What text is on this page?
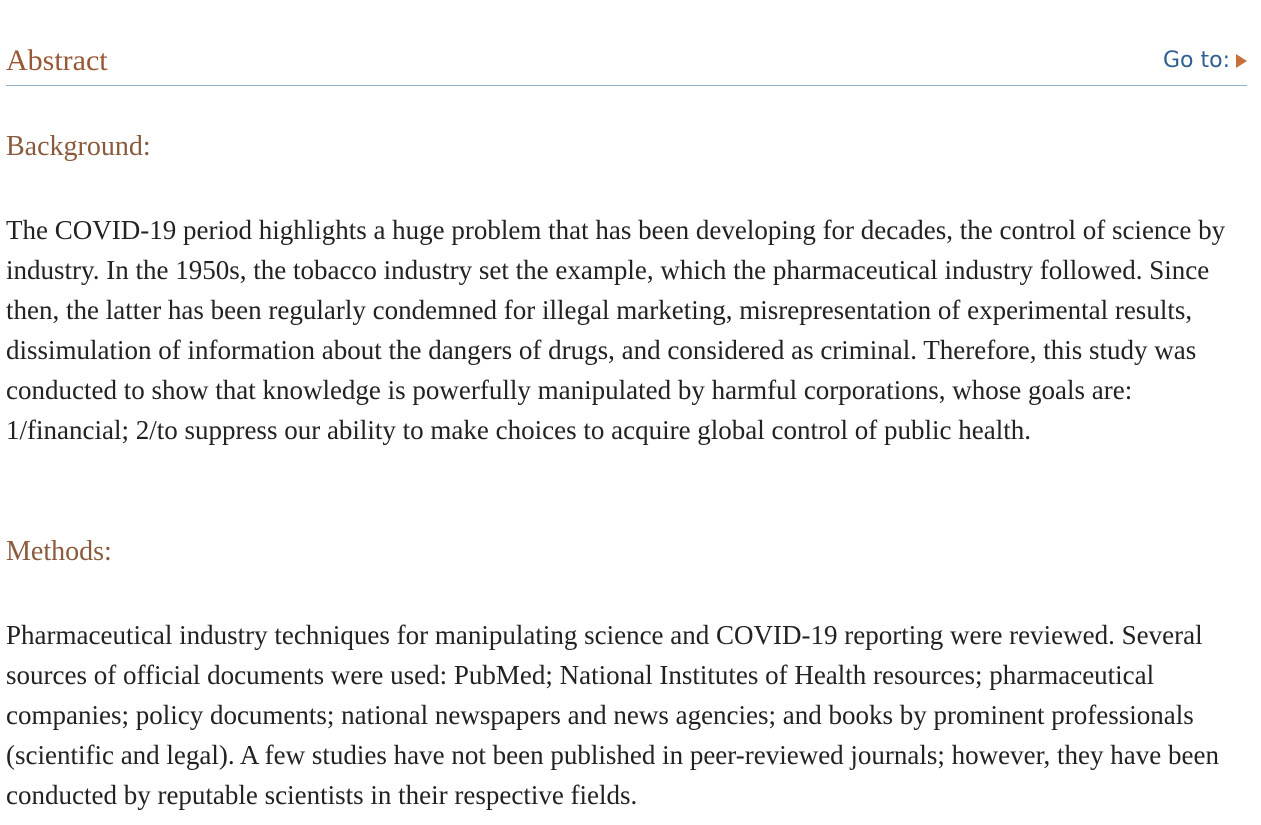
Abstract	Go to:
Background:

The COVID-19 period highlights a huge problem that has been developing for decades, the control of science by industry. In the 1950s, the tobacco industry set the example, which the pharmaceutical industry followed. Since then, the latter has been regularly condemned for illegal marketing, misrepresentation of experimental results, dissimulation of information about the dangers of drugs, and considered as criminal. Therefore, this study was conducted to show that knowledge is powerfully manipulated by harmful corporations, whose goals are: 1/financial; 2/to suppress our ability to make choices to acquire global control of public health.

Methods:

Pharmaceutical industry techniques for manipulating science and COVID-19 reporting were reviewed. Several sources of official documents were used: PubMed; National Institutes of Health resources; pharmaceutical companies; policy documents; national newspapers and news agencies; and books by prominent professionals (scientific and legal). A few studies have not been published in peer-reviewed journals; however, they have been conducted by reputable scientists in their respective fields.
